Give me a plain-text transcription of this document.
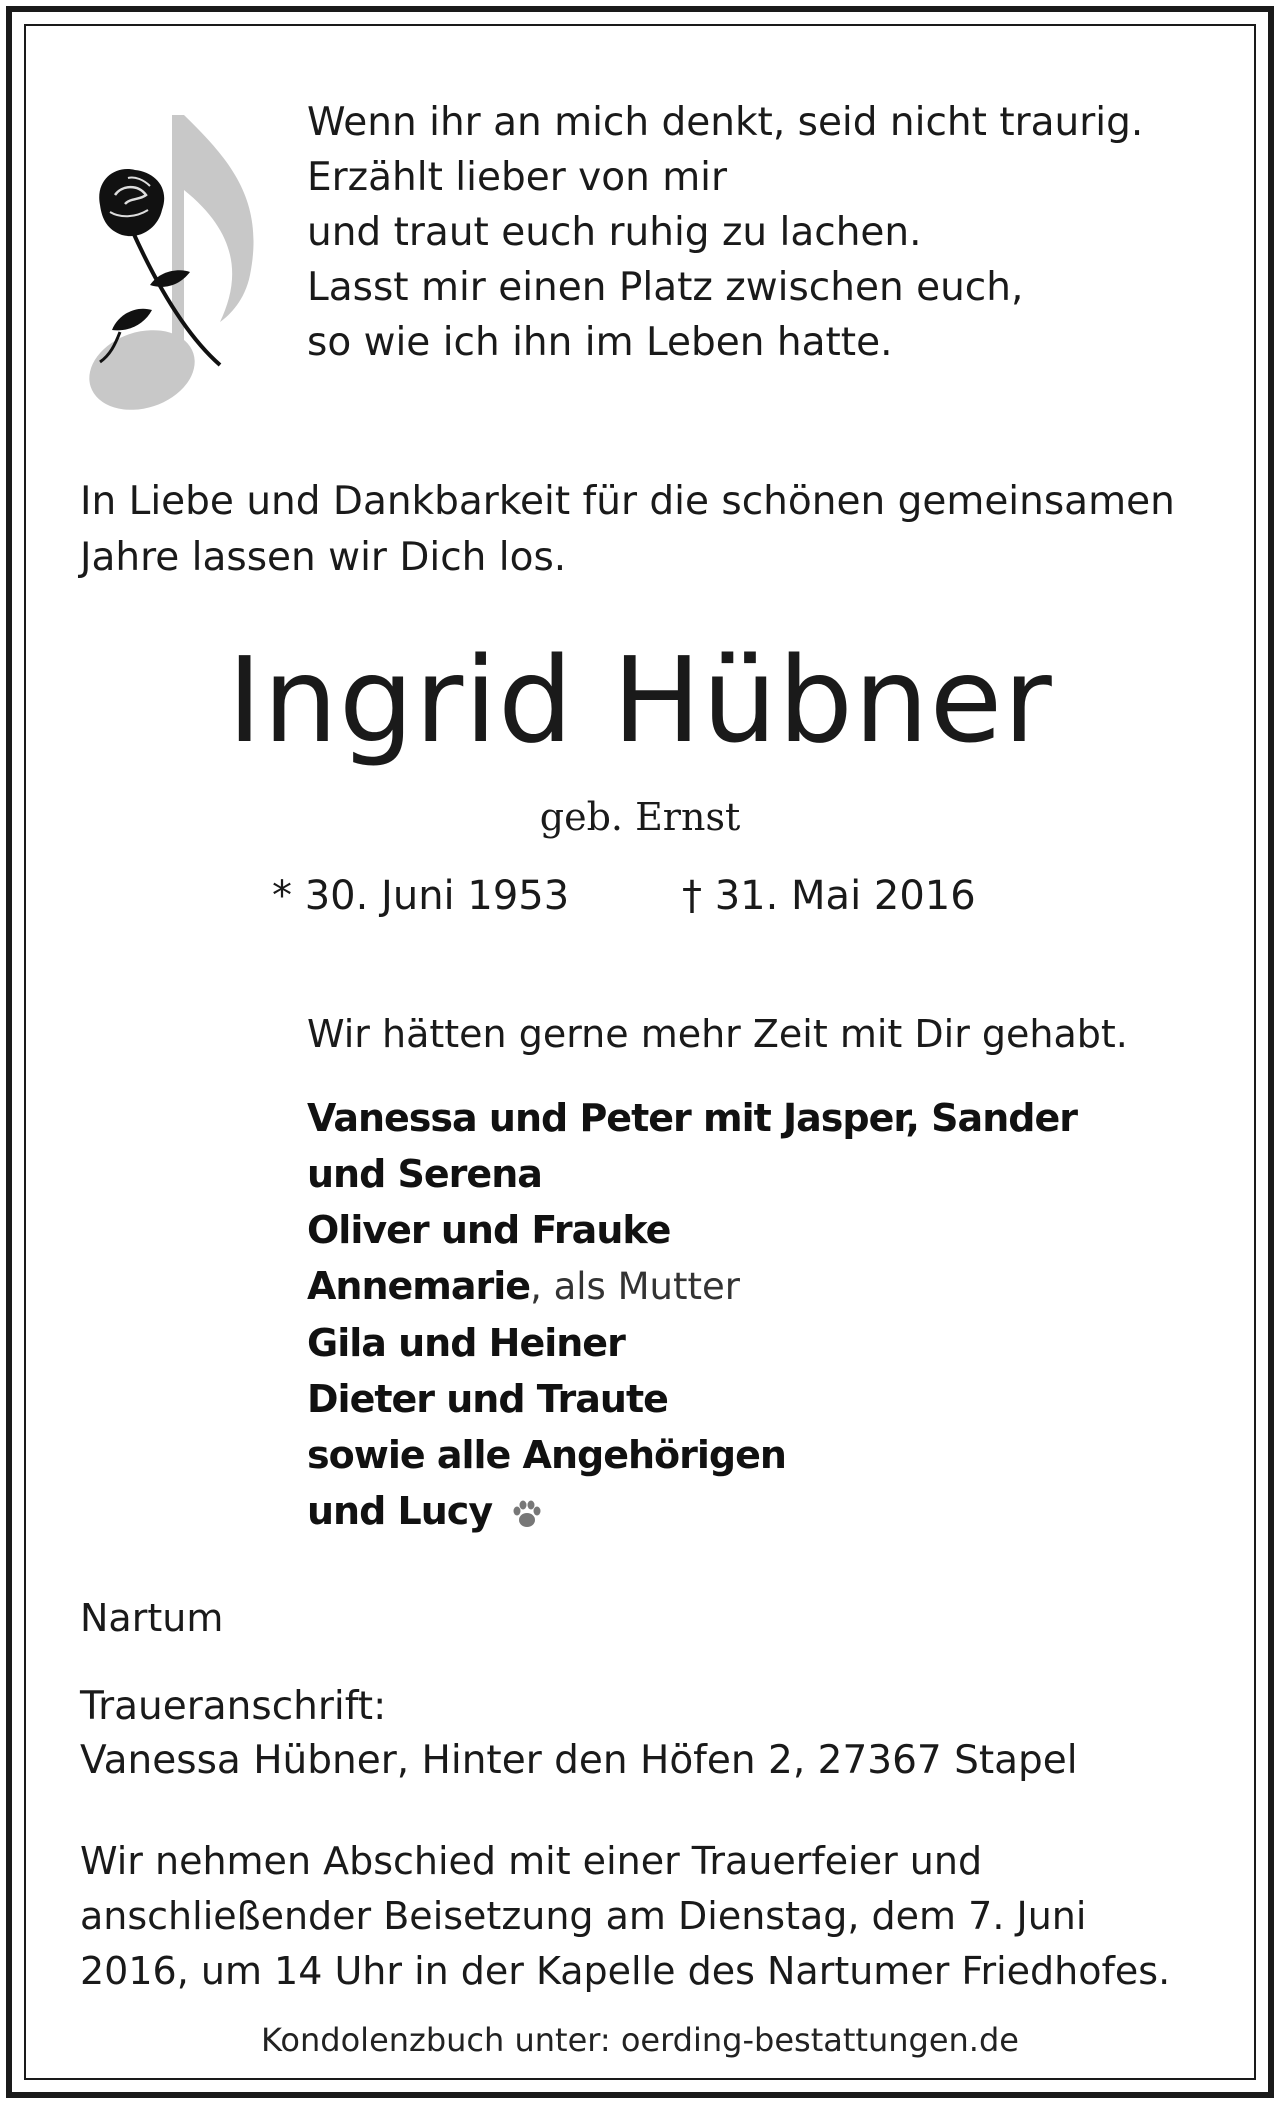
Wenn ihr an mich denkt, seid nicht traurig.
Erzählt lieber von mir
und traut euch ruhig zu lachen.
Lasst mir einen Platz zwischen euch,
so wie ich ihn im Leben hatte.
In Liebe und Dankbarkeit für die schönen gemeinsamen
Jahre lassen wir Dich los.
Ingrid Hübner
geb. Ernst
* 30. Juni 1953	† 31. Mai 2016
Wir hätten gerne mehr Zeit mit Dir gehabt.
Vanessa und Peter mit Jasper, Sander
und Serena
Oliver und Frauke
Annemarie, als Mutter
Gila und Heiner
Dieter und Traute
sowie alle Angehörigen
und Lucy
Nartum
Traueranschrift:
Vanessa Hübner, Hinter den Höfen 2, 27367 Stapel
Wir nehmen Abschied mit einer Trauerfeier und
anschließender Beisetzung am Dienstag, dem 7. Juni
2016, um 14 Uhr in der Kapelle des Nartumer Friedhofes.
Kondolenzbuch unter: oerding-bestattungen.de
